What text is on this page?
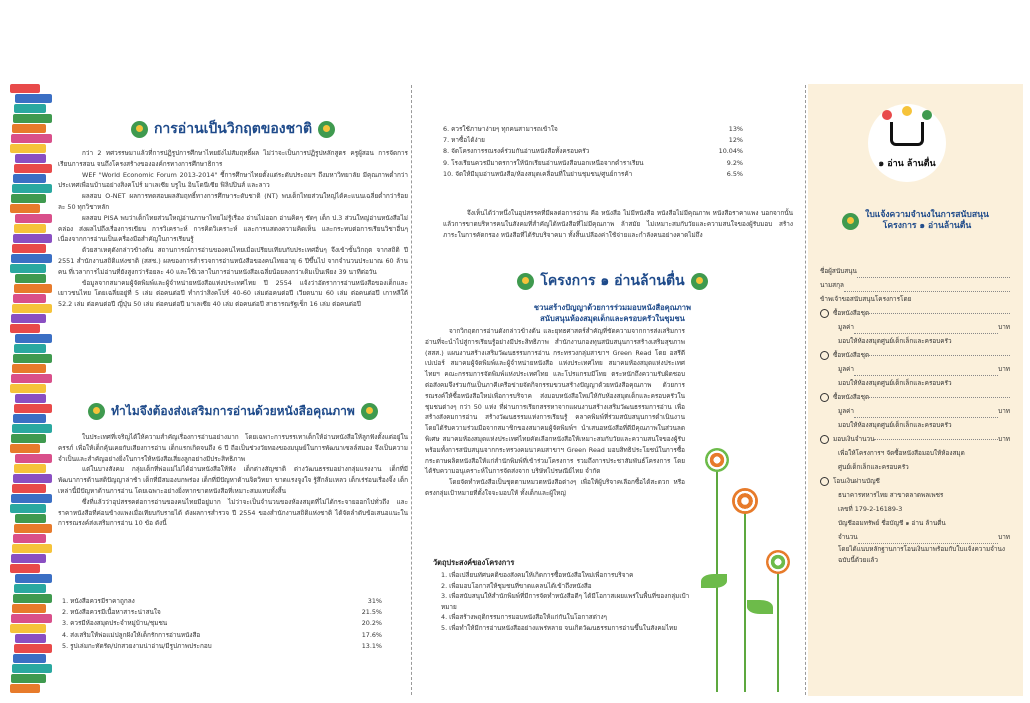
การอ่านเป็นวิกฤตของชาติ

กว่า 2 ทศวรรษมาแล้วที่การปฏิรูปการศึกษาไทยยังไม่สัมฤทธิ์ผล ไม่ว่าจะเป็นการปฏิรูปหลักสูตร ครูผู้สอน การจัดการเรียนการสอน จนถึงโครงสร้างขององค์กรทางการศึกษาธิการ

WEF "World Economic Forum 2013-2014" ชี้การศึกษาไทยตั้งแต่ระดับประถมฯ ถึงมหาวิทยาลัย มีคุณภาพต่ำกว่าประเทศเพื่อนบ้านอย่างสิงคโปร์ มาเลเซีย บรูไน อินโดนีเซีย ฟิลิปปินส์ และลาว

ผลสอบ O-NET ผลการทดสอบผลสัมฤทธิ์ทางการศึกษาระดับชาติ (NT) พบเด็กไทยส่วนใหญ่ได้คะแนนเฉลี่ยต่ำกว่าร้อยละ 50 ทุกวิชาหลัก

ผลสอบ PISA พบว่าเด็กไทยส่วนใหญ่อ่านภาษาไทยไม่รู้เรื่อง อ่านไม่ออก อ่านคิดๆ ชัดๆ เด็ก ป.3 ส่วนใหญ่อ่านหนังสือไม่คล่อง ส่งผลไปถึงเรื่องการเขียน การวิเคราะห์ การคิดวิเคราะห์ และการแสดงความคิดเห็น และกระทบต่อการเรียนวิชาอื่นๆ เนื่องจากการอ่านเป็นเครื่องมือสำคัญในการเรียนรู้

ด้วยสาเหตุดังกล่าวข้างต้น สถานการณ์การอ่านของคนไทยเมื่อเปรียบเทียบกับประเทศอื่นๆ จึงเข้าขั้นวิกฤต จากสถิติ ปี 2551 สำนักงานสถิติแห่งชาติ (สสช.) ผลของการสำรวจการอ่านหนังสือของคนไทยอายุ 6 ปีขึ้นไป จากจำนวนประมาณ 60 ล้านคน ที่เวลาการไม่อ่านที่ยังสูงกว่าร้อยละ 40 และใช้เวลาในการอ่านหนังสือเฉลี่ยน้อยลงกว่าเดิมเป็นเพียง 39 นาทีต่อวัน

ข้อมูลจากสมาคมผู้จัดพิมพ์และผู้จำหน่ายหนังสือแห่งประเทศไทย ปี 2554 แจ้งว่าอัตราการอ่านหนังสือของเด็กและเยาวชนไทย โดยเฉลี่ยอยู่ที่ 5 เล่ม ต่อคนต่อปี ทำกว่าสิงคโปร์ 40-60 เล่มต่อคนต่อปี เวียดนาม 60 เล่ม ต่อคนต่อปี เกาหลีใต้ 52.2 เล่ม ต่อคนต่อปี ญี่ปุ่น 50 เล่ม ต่อคนต่อปี มาเลเซีย 40 เล่ม ต่อคนต่อปี สาธารณรัฐเช็ก 16 เล่ม ต่อคนต่อปี

ทำไมจึงต้องส่งเสริมการอ่านด้วยหนังสือคุณภาพ

ในประเทศที่เจริญได้ให้ความสำคัญเรื่องการอ่านอย่างมาก โดยเฉพาะการบรรเทาเด็กให้อ่านหนังสือให้ลูกฟังตั้งแต่อยู่ในครรภ์ เพื่อให้เด็กคุ้นเคยกับเสียงการอ่าน เด็กแรกเกิดจนถึง 6 ปี ถือเป็นช่วงวัยทองของมนุษย์ในการพัฒนาเซลล์สมอง จึงเป็นความจำเป็นและสำคัญอย่างยิ่งในการให้หนังสือเสี่ยงลูกอย่างมีประสิทธิภาพ

แต่ในบางสังคม กลุ่มเด็กที่พ่อแม่ไม่ได้อ่านหนังสือให้ฟัง เด็กต่างสัญชาติ ต่างวัฒนธรรมอย่างกลุ่มแรงงาน เด็กที่มีพัฒนาการด้านสติปัญญาล่าช้า เด็กที่มีสมองบกพร่อง เด็กที่มีปัญหาด้านจิตวิทยา ขาดแรงจูงใจ รู้สึกล้มเหลว เด็กเร่ร่อนเรื่องจิ้ง เด็กเหล่านี้มีปัญหาด้านการอ่าน โดยเฉพาะอย่างยิ่งหากขาดหนังสือที่เหมาะสมแทบทั้งสิ้น

ซึ่งที่แล้วว่าอุปสรรคต่อการอ่านของคนไทยมีอยู่มาก ไม่ว่าจะเป็นจำนวนของห้องสมุดที่ไม่ได้กระจายออกไปทั่วถึง และราคาหนังสือที่ค่อนข้างแพงเมื่อเทียบกับรายได้ ดังผลการสำรวจ ปี 2554 ของสำนักงานสถิติแห่งชาติ ได้จัดลำดับข้อเสนอแนะในการรณรงค์ส่งเสริมการอ่าน 10 ข้อ ดังนี้

1. หนังสือควรมีราคาถูกลง	31%
2. หนังสือควรมีเนื้อหาสาระน่าสนใจ	21.5%
3. ควรมีห้องสมุดประจำหมู่บ้าน/ชุมชน	20.2%
4. ส่งเสริมให้พ่อแม่ปลูกฝังให้เด็กรักการอ่านหนังสือ	17.6%
5. รูปเล่มกะทัดรัด/ปกสวยงามน่าอ่าน/มีรูปภาพประกอบ	13.1%
6. ควรใช้ภาษาง่ายๆ ทุกคนสามารถเข้าใจ	13%
7. หาซื้อได้ง่าย	12%
8. จัดโครงการรณรงค์ร่วมกันอ่านหนังสือทั้งครอบครัว	10.04%
9. โรงเรียนควรมีมาตรการให้นักเรียนอ่านหนังสือนอกเหนือจากตำราเรียน	9.2%
10. จัดให้มีมุมอ่านหนังสือ/ห้องสมุดเคลื่อนที่ในย่านชุมชน/ศูนย์การค้า	6.5%
จึงเห็นได้ว่าหนึ่งในอุปสรรคที่มีผลต่อการอ่าน คือ หนังสือ ไม่มีหนังสือ หนังสือไม่มีคุณภาพ หนังสือราคาแพง นอกจากนั้นแล้วการขาดบริหารคนในสังคมที่สำคัญได้หนังสือที่ไม่มีคุณภาพ ล้าสมัย ไม่เหมาะสมกับวัยและความสนใจของผู้รับมอบ สร้างภาระในการคัดกรอง หนังสือที่ได้รับบริจาคมา ทั้งสิ้นเปลืองค่าใช้จ่ายและกำลังคนอย่างคาดไม่ถึง
โครงการ ๑ อ่านล้านตื่น
ชวนสร้างปัญญาด้วยการร่วมมอบหนังสือคุณภาพ
สนับสนุนห้องสมุดเด็กและครอบครัวในชุมชน

จากวิกฤตการอ่านดังกล่าวข้างต้น และยุทธศาสตร์สำคัญที่ขัดความจากการส่งเสริมการอ่านที่จะนำไปสู่การเรียนรู้อย่างมีประสิทธิภาพ สำนักงานกองทุนสนับสนุนการสร้างเสริมสุขภาพ (สสส.) แผนงานสร้างเสริมวัฒนธรรมการอ่าน กระทรวงกลุ่มสาขาฯ Green Read โดย อสรีดี เปเปอร์ สมาคมผู้จัดพิมพ์และผู้จำหน่ายหนังสือ แห่งประเทศไทย สมาคมห้องสมุดแห่งประเทศไทยฯ คณะกรรมการจัดพิมพ์แห่งประเทศไทย และโปรแกรมมีโทย ตระหนักถึงความรับผิดชอบต่อสังคมจึงร่วมกันเป็นภาคีเครือข่ายจัดกิจกรรมขวนสร้างปัญญาด้วยหนังสือคุณภาพ ด้วยการรณรงค์ให้ซื้อหนังสือใหม่เพื่อการบริจาค ส่งมอบหนังสือใหม่ให้กับห้องสมุดเด็กและครอบครัวในชุมชนต่างๆ กว่า 50 แห่ง ที่ผ่านการเรียกสรรหาจากแผนงานสร้างเสริมวัฒนธรรมการอ่าน เพื่อสร้างสังคมการอ่าน สร้างวัฒนธรรมแห่งการเรียนรู้ คลาคพิมพ์ที่ร่วมสนับสนุนการดำเนินงาน โดยได้รับความร่วมมือจากสมาชิกของสมาคมผู้จัดพิมพ์ฯ นำเสนอหนังสือที่ดีมีคุณภาพในส่วนลดพิเศษ สมาคมห้องสมุดแห่งประเทศไทยคัดเลือกหนังสือให้เหมาะสมกับวัยและความสนใจของผู้รับ พร้อมทั้งการสนับสนุนจากกระทรวงคมนาคมสาขาฯ Green Read มอบสิทธิประโยชน์ในการซื้อกระดาษผลิตหนังสือให้แก่สำนักพิมพ์ที่เข้าร่วมโครงการ รวมถึงการประชาสัมพันธ์โครงการ โดยได้รับความอนุเคราะห์ในการจัดส่งจาก บริษัทไปรษณีย์ไทย จำกัด

โดยจัดทำหนังสือเป็นชุดตามหมวดหนังสือต่างๆ เพื่อให้ผู้บริจาคเลือกซื้อได้สะดวก หรือตรงกลุ่มเป้าหมายที่ตั้งใจจะมอบให้ ทั้งเด็กและผู้ใหญ่

วัตถุประสงค์ของโครงการ
1. เพื่อเปลี่ยนทัศนคติของสังคมให้เกิดการซื้อหนังสือใหม่เพื่อการบริจาค
2. เพื่อมอบโอกาสให้ชุมชนที่ขาดแคลนได้เข้าถึงหนังสือ
3. เพื่อสนับสนุนให้สำนักพิมพ์ที่มีการจัดทำหนังสือดีๆ ได้มีโอกาสเผยแพร่ในพื้นที่ของกลุ่มเป้าหมาย
4. เพื่อสร้างพฤติกรรมการมอบหนังสือให้แก่กันในโอกาสต่างๆ
5. เพื่อทำให้มีการอ่านหนังสืออย่างแพร่หลาย จนเกิดวัฒนธรรมการอ่านขึ้นในสังคมไทย
๑ อ่าน ล้านตื่น
ใบแจ้งความจำนงในการสนับสนุน
โครงการ ๑ อ่านล้านตื่น
ชื่อผู้สนับสนุน
นามสกุล
ข้าพเจ้าขอสนับสนุนโครงการโดย
ซื้อหนังสือชุด
มูลค่า	บาท
มอบให้ห้องสมุดศูนย์เด็กเล็กและครอบครัว
ซื้อหนังสือชุด
มูลค่า	บาท
มอบให้ห้องสมุดศูนย์เด็กเล็กและครอบครัว
ซื้อหนังสือชุด
มูลค่า	บาท
มอบให้ห้องสมุดศูนย์เด็กเล็กและครอบครัว
มอบเงินจำนวน	บาท
เพื่อให้โครงการฯ จัดซื้อหนังสือมอบให้ห้องสมุด
ศูนย์เด็กเล็กและครอบครัว
โอนเงินผ่านบัญชี
ธนาคารทหารไทย สาขาตลาดพลเพชร
เลขที่ 179-2-16189-3
บัญชีออมทรัพย์ ชื่อบัญชี ๑ อ่าน ล้านตื่น
จำนวน	บาท
โดยได้แนบหลักฐานการโอนเงินมาพร้อมกับใบแจ้งความจำนงฉบับนี้ด้วยแล้ว
